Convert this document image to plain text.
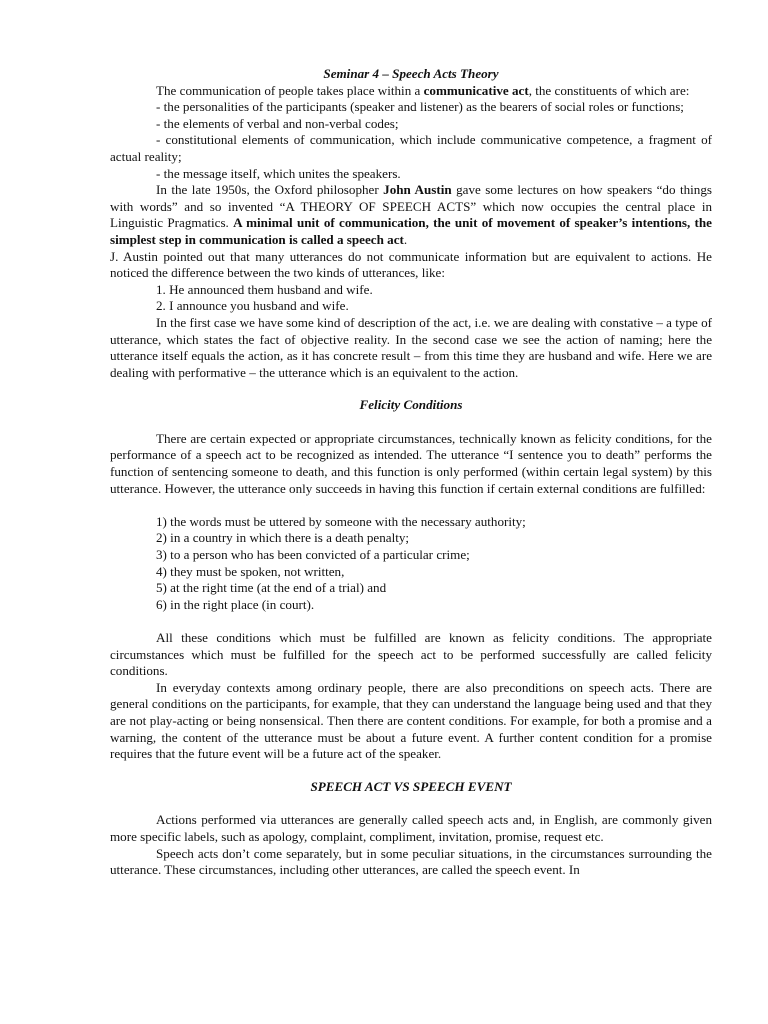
Seminar 4 – Speech Acts Theory

The communication of people takes place within a communicative act, the constituents of which are:

- the personalities of the participants (speaker and listener) as the bearers of social roles or functions;

- the elements of verbal and non-verbal codes;

- constitutional elements of communication, which include communicative competence, a fragment of actual reality;

- the message itself, which unites the speakers.

In the late 1950s, the Oxford philosopher John Austin gave some lectures on how speakers “do things with words” and so invented “A THEORY OF SPEECH ACTS” which now occupies the central place in Linguistic Pragmatics. A minimal unit of communication, the unit of movement of speaker’s intentions, the simplest step in communication is called a speech act.

J. Austin pointed out that many utterances do not communicate information but are equivalent to actions. He noticed the difference between the two kinds of utterances, like:

1. He announced them husband and wife.

2. I announce you husband and wife.

In the first case we have some kind of description of the act, i.e. we are dealing with constative – a type of utterance, which states the fact of objective reality. In the second case we see the action of naming; here the utterance itself equals the action, as it has concrete result – from this time they are husband and wife. Here we are dealing with performative – the utterance which is an equivalent to the action.

Felicity Conditions

There are certain expected or appropriate circumstances, technically known as felicity conditions, for the performance of a speech act to be recognized as intended. The utterance “I sentence you to death” performs the function of sentencing someone to death, and this function is only performed (within certain legal system) by this utterance. However, the utterance only succeeds in having this function if certain external conditions are fulfilled:

1) the words must be uttered by someone with the necessary authority;

2) in a country in which there is a death penalty;

3) to a person who has been convicted of a particular crime;

4) they must be spoken, not written,

5) at the right time (at the end of a trial) and

6) in the right place (in court).

All these conditions which must be fulfilled are known as felicity conditions. The appropriate circumstances which must be fulfilled for the speech act to be performed successfully are called felicity conditions.

In everyday contexts among ordinary people, there are also preconditions on speech acts. There are general conditions on the participants, for example, that they can understand the language being used and that they are not play-acting or being nonsensical. Then there are content conditions. For example, for both a promise and a warning, the content of the utterance must be about a future event. A further content condition for a promise requires that the future event will be a future act of the speaker.

SPEECH ACT VS SPEECH EVENT

Actions performed via utterances are generally called speech acts and, in English, are commonly given more specific labels, such as apology, complaint, compliment, invitation, promise, request etc.

Speech acts don’t come separately, but in some peculiar situations, in the circumstances surrounding the utterance. These circumstances, including other utterances, are called the speech event. In
